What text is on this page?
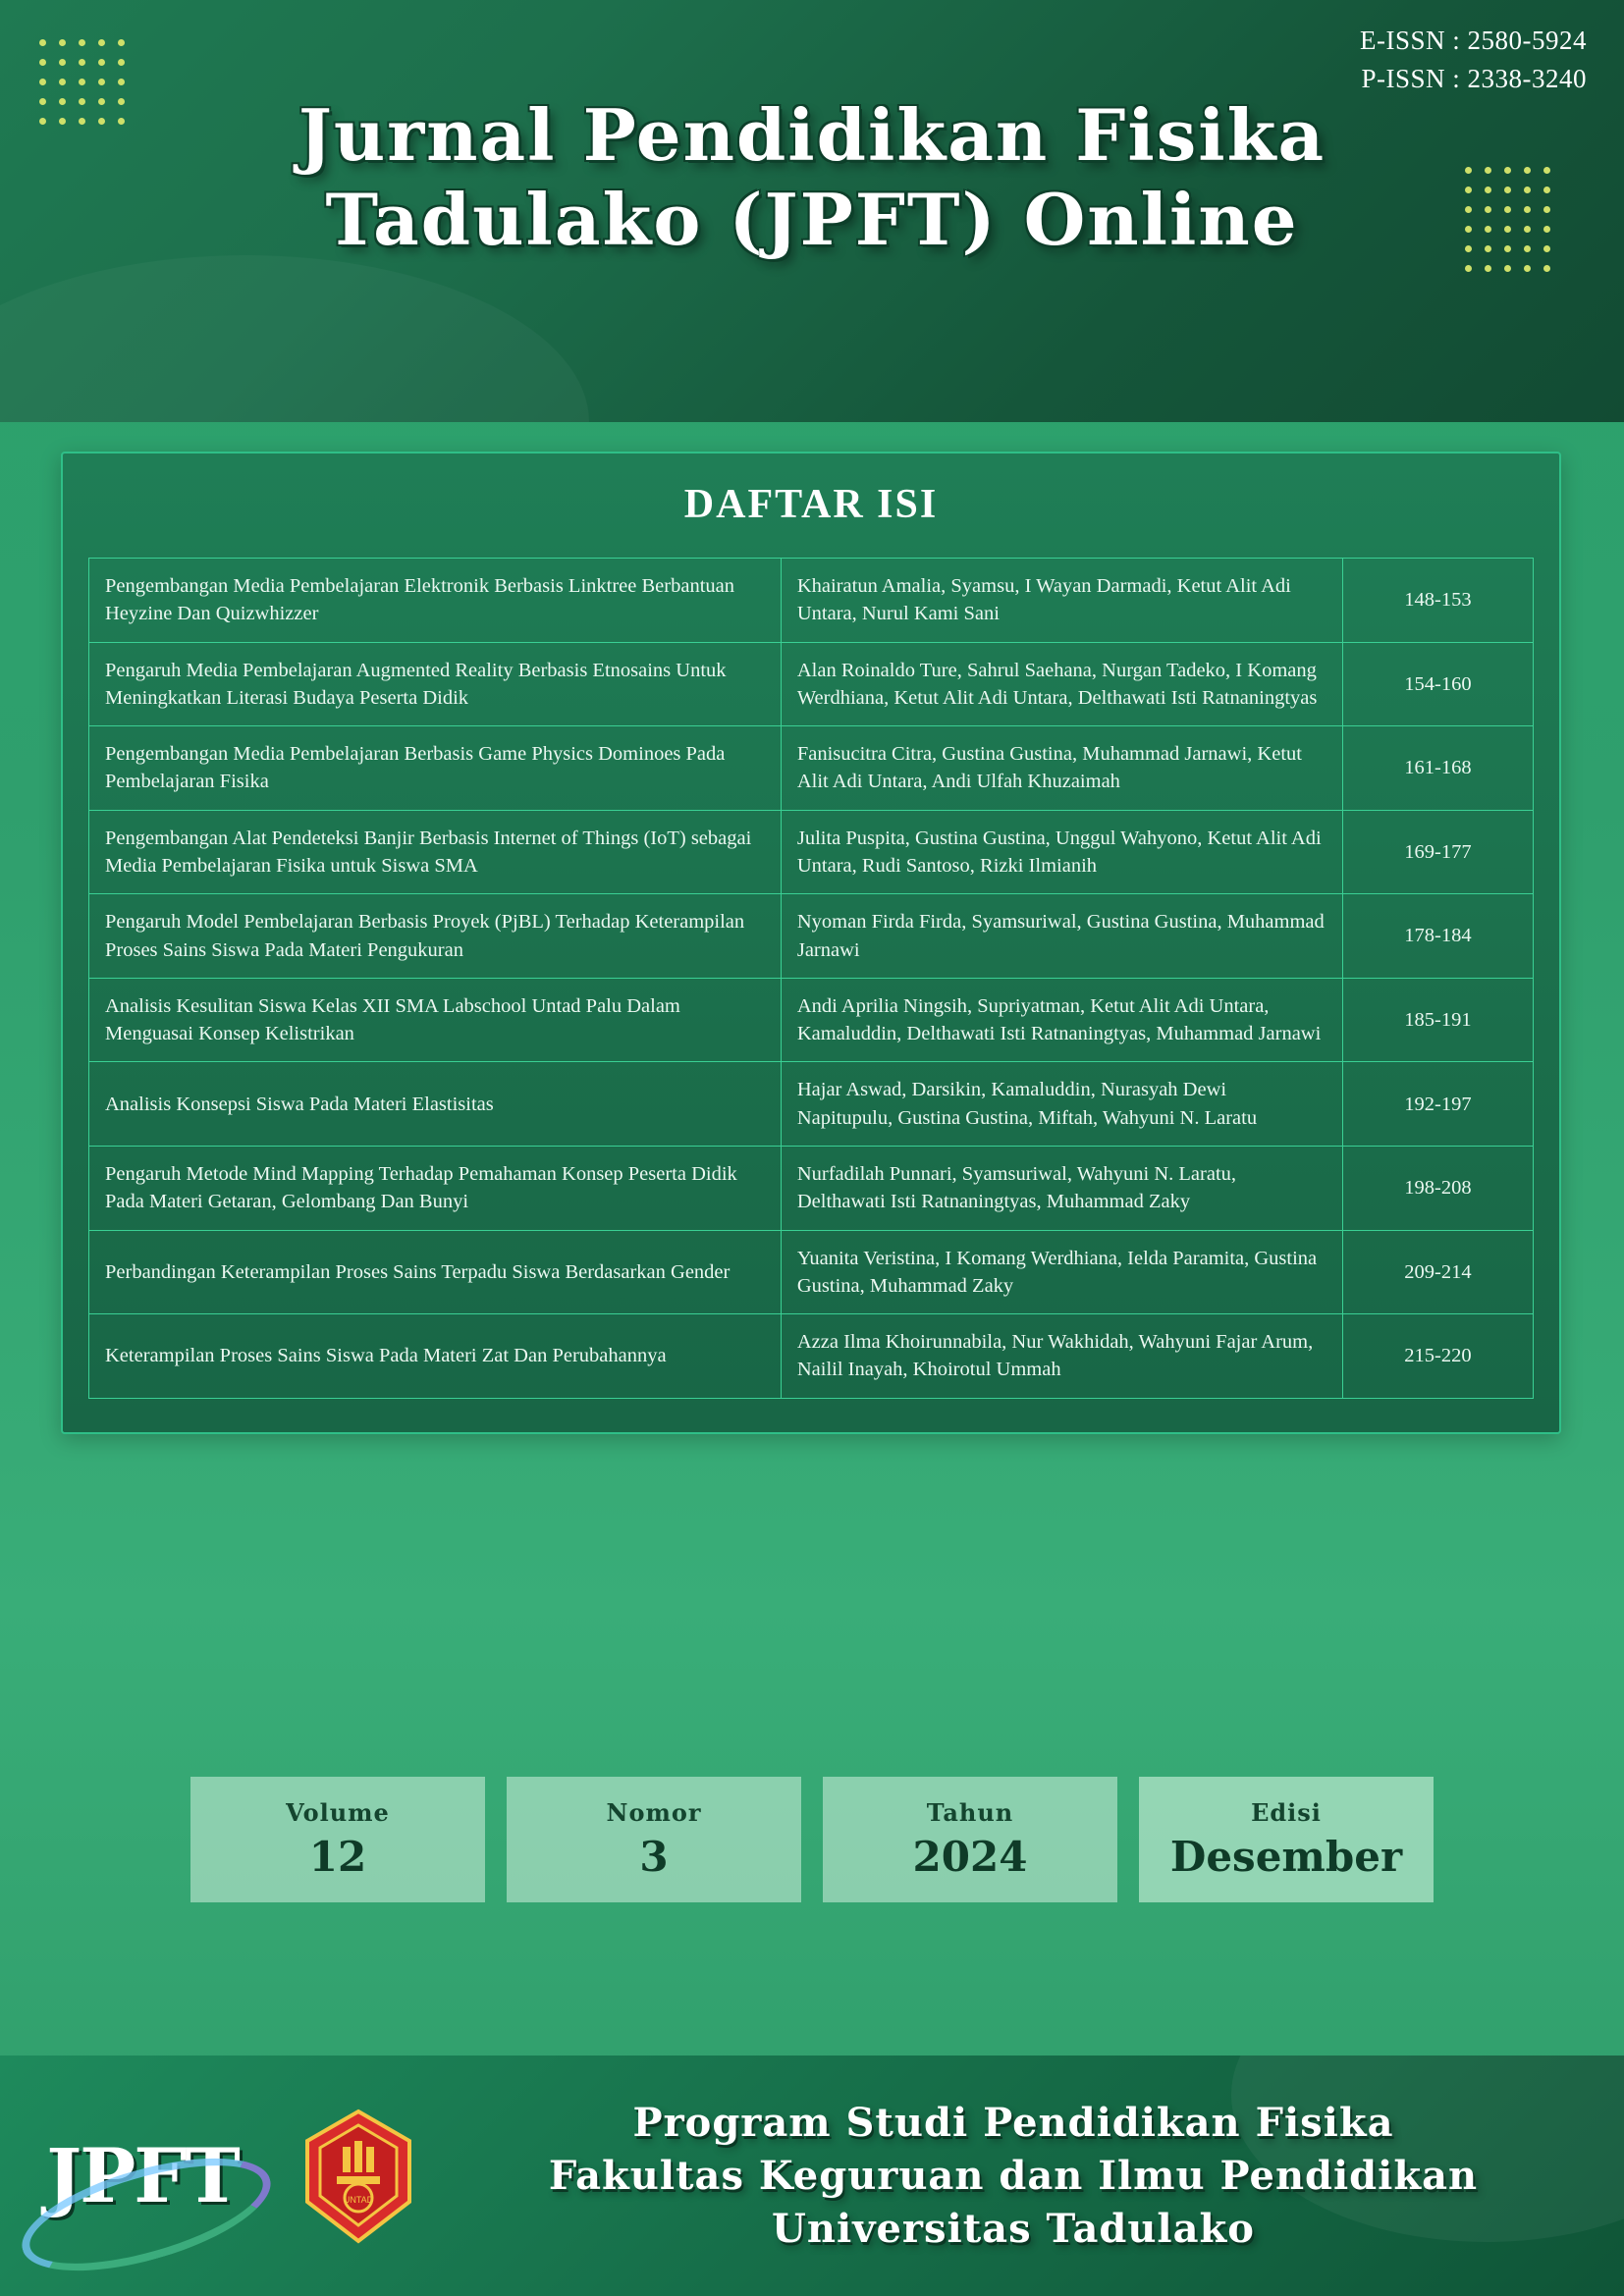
E-ISSN : 2580-5924
P-ISSN : 2338-3240
Jurnal Pendidikan Fisika
Tadulako (JPFT) Online
DAFTAR ISI
Pengembangan Media Pembelajaran Elektronik Berbasis Linktree Berbantuan Heyzine Dan Quizwhizzer	Khairatun Amalia, Syamsu, I Wayan Darmadi, Ketut Alit Adi Untara, Nurul Kami Sani	148-153
Pengaruh Media Pembelajaran Augmented Reality Berbasis Etnosains Untuk Meningkatkan Literasi Budaya Peserta Didik	Alan Roinaldo Ture, Sahrul Saehana, Nurgan Tadeko, I Komang Werdhiana, Ketut Alit Adi Untara, Delthawati Isti Ratnaningtyas	154-160
Pengembangan Media Pembelajaran Berbasis Game Physics Dominoes Pada Pembelajaran Fisika	Fanisucitra Citra, Gustina Gustina, Muhammad Jarnawi, Ketut Alit Adi Untara, Andi Ulfah Khuzaimah	161-168
Pengembangan Alat Pendeteksi Banjir Berbasis Internet of Things (IoT) sebagai Media Pembelajaran Fisika untuk Siswa SMA	Julita Puspita, Gustina Gustina, Unggul Wahyono, Ketut Alit Adi Untara, Rudi Santoso, Rizki Ilmianih	169-177
Pengaruh Model Pembelajaran Berbasis Proyek (PjBL) Terhadap Keterampilan Proses Sains Siswa Pada Materi Pengukuran	Nyoman Firda Firda, Syamsuriwal, Gustina Gustina, Muhammad Jarnawi	178-184
Analisis Kesulitan Siswa Kelas XII SMA Labschool Untad Palu Dalam Menguasai Konsep Kelistrikan	Andi Aprilia Ningsih, Supriyatman, Ketut Alit Adi Untara, Kamaluddin, Delthawati Isti Ratnaningtyas, Muhammad Jarnawi	185-191
Analisis Konsepsi Siswa Pada Materi Elastisitas	Hajar Aswad, Darsikin, Kamaluddin, Nurasyah Dewi Napitupulu, Gustina Gustina, Miftah, Wahyuni N. Laratu	192-197
Pengaruh Metode Mind Mapping Terhadap Pemahaman Konsep Peserta Didik Pada Materi Getaran, Gelombang Dan Bunyi	Nurfadilah Punnari, Syamsuriwal, Wahyuni N. Laratu, Delthawati Isti Ratnaningtyas, Muhammad Zaky	198-208
Perbandingan Keterampilan Proses Sains Terpadu Siswa Berdasarkan Gender	Yuanita Veristina, I Komang Werdhiana, Ielda Paramita, Gustina Gustina, Muhammad Zaky	209-214
Keterampilan Proses Sains Siswa Pada Materi Zat Dan Perubahannya	Azza Ilma Khoirunnabila, Nur Wakhidah, Wahyuni Fajar Arum, Nailil Inayah, Khoirotul Ummah	215-220
Volume
12
Nomor
3
Tahun
2024
Edisi
Desember
JPFT	UNTAD
Program Studi Pendidikan Fisika
Fakultas Keguruan dan Ilmu Pendidikan
Universitas Tadulako
